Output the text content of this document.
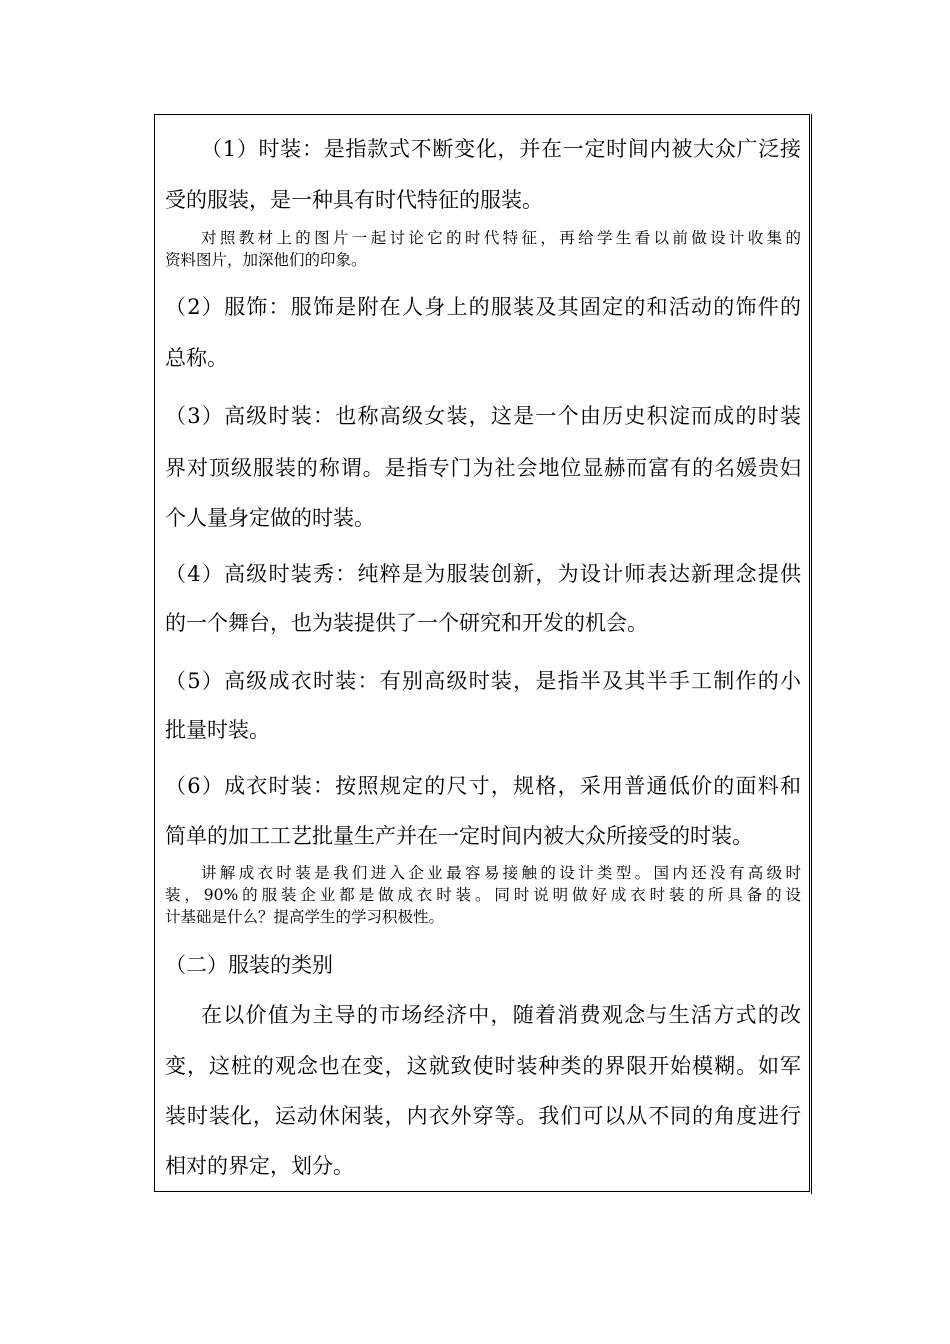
（1）时装：是指款式不断变化，并在一定时间内被大众广泛接
受的服装，是一种具有时代特征的服装。
对照教材上的图片一起讨论它的时代特征，再给学生看以前做设计收集的
资料图片，加深他们的印象。
（2）服饰：服饰是附在人身上的服装及其固定的和活动的饰件的
总称。
（3）高级时装：也称高级女装，这是一个由历史积淀而成的时装
界对顶级服装的称谓。是指专门为社会地位显赫而富有的名媛贵妇
个人量身定做的时装。
（4）高级时装秀：纯粹是为服装创新，为设计师表达新理念提供
的一个舞台，也为装提供了一个研究和开发的机会。
（5）高级成衣时装：有别高级时装，是指半及其半手工制作的小
批量时装。
（6）成衣时装：按照规定的尺寸，规格，采用普通低价的面料和
简单的加工工艺批量生产并在一定时间内被大众所接受的时装。
讲解成衣时装是我们进入企业最容易接触的设计类型。国内还没有高级时
装，90%的服装企业都是做成衣时装。同时说明做好成衣时装的所具备的设
计基础是什么？提高学生的学习积极性。
（二）服装的类别
在以价值为主导的市场经济中，随着消费观念与生活方式的改
变，这桩的观念也在变，这就致使时装种类的界限开始模糊。如军
装时装化，运动休闲装，内衣外穿等。我们可以从不同的角度进行
相对的界定，划分。
